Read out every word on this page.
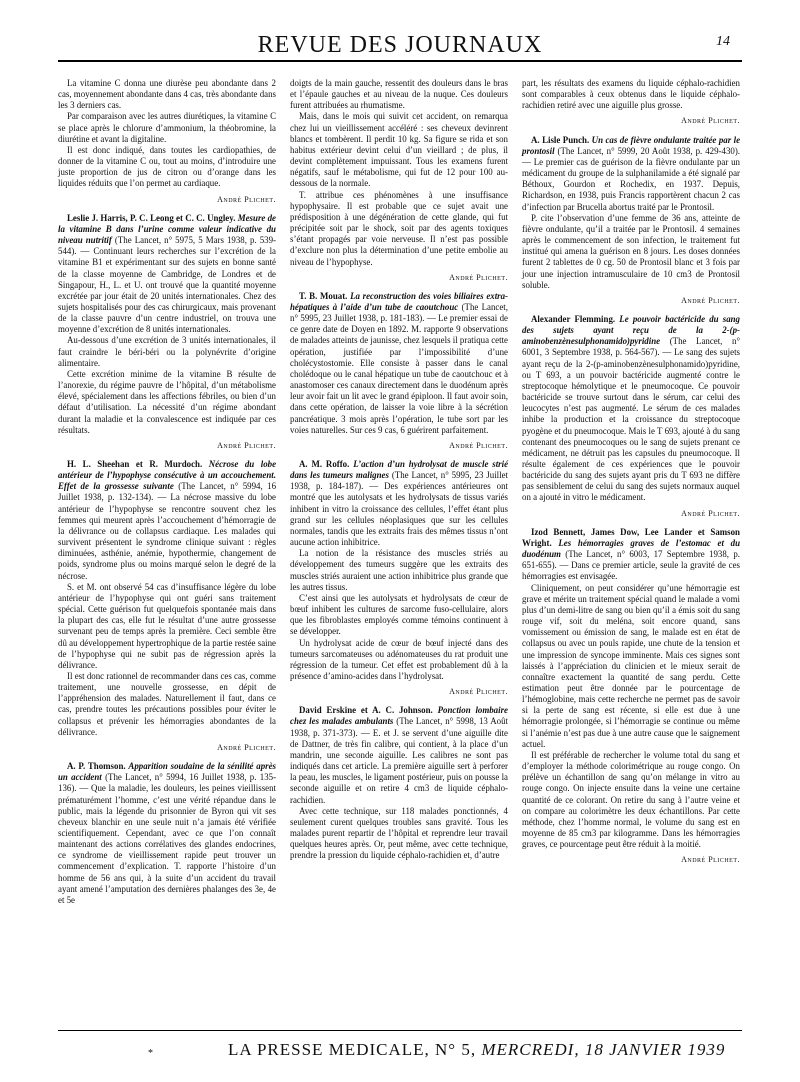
REVUE DES JOURNAUX	14

La vitamine C donna une diurèse peu abondante dans 2 cas, moyennement abondante dans 4 cas, très abondante dans les 3 derniers cas.

Par comparaison avec les autres diurétiques, la vitamine C se place après le chlorure d’ammonium, la théobromine, la diurétine et avant la digitaline.

Il est donc indiqué, dans toutes les cardiopathies, de donner de la vitamine C ou, tout au moins, d’introduire une juste proportion de jus de citron ou d’orange dans les liquides réduits que l’on permet au cardiaque.

André Plichet.

Leslie J. Harris, P. C. Leong et C. C. Ungley. Mesure de la vitamine B dans l’urine comme valeur indicative du niveau nutritif (The Lancet, n° 5975, 5 Mars 1938, p. 539-544). — Continuant leurs recherches sur l’excrétion de la vitamine B1 et expérimentant sur des sujets en bonne santé de la classe moyenne de Cambridge, de Londres et de Singapour, H., L. et U. ont trouvé que la quantité moyenne excrétée par jour était de 20 unités internationales. Chez des sujets hospitalisés pour des cas chirurgicaux, mais provenant de la classe pauvre d’un centre industriel, on trouva une moyenne d’excrétion de 8 unités internationales.

Au-dessous d’une excrétion de 3 unités internationales, il faut craindre le béri-béri ou la polynévrite d’origine alimentaire.

Cette excrétion minime de la vitamine B résulte de l’anorexie, du régime pauvre de l’hôpital, d’un métabolisme élevé, spécialement dans les affections fébriles, ou bien d’un défaut d’utilisation. La nécessité d’un régime abondant durant la maladie et la convalescence est indiquée par ces résultats.

André Plichet.

H. L. Sheehan et R. Murdoch. Nécrose du lobe antérieur de l’hypophyse consécutive à un accouchement. Effet de la grossesse suivante (The Lancet, n° 5994, 16 Juillet 1938, p. 132-134). — La nécrose massive du lobe antérieur de l’hypophyse se rencontre souvent chez les femmes qui meurent après l’accouchement d’hémorragie de la délivrance ou de collapsus cardiaque. Les malades qui survivent présentent le syndrome clinique suivant : règles diminuées, asthénie, anémie, hypothermie, changement de poids, syndrome plus ou moins marqué selon le degré de la nécrose.

S. et M. ont observé 54 cas d’insuffisance légère du lobe antérieur de l’hypophyse qui ont guéri sans traitement spécial. Cette guérison fut quelquefois spontanée mais dans la plupart des cas, elle fut le résultat d’une autre grossesse survenant peu de temps après la première. Ceci semble être dû au développement hypertrophique de la partie restée saine de l’hypophyse qui ne subit pas de régression après la délivrance.

Il est donc rationnel de recommander dans ces cas, comme traitement, une nouvelle grossesse, en dépit de l’appréhension des malades. Naturellement il faut, dans ce cas, prendre toutes les précautions possibles pour éviter le collapsus et prévenir les hémorragies abondantes de la délivrance.

André Plichet.

A. P. Thomson. Apparition soudaine de la sénilité après un accident (The Lancet, n° 5994, 16 Juillet 1938, p. 135-136). — Que la maladie, les douleurs, les peines vieillissent prématurément l’homme, c’est une vérité répandue dans le public, mais la légende du prisonnier de Byron qui vit ses cheveux blanchir en une seule nuit n’a jamais été vérifiée scientifiquement. Cependant, avec ce que l’on connaît maintenant des actions corrélatives des glandes endocrines, ce syndrome de vieillissement rapide peut trouver un commencement d’explication. T. rapporte l’histoire d’un homme de 56 ans qui, à la suite d’un accident du travail ayant amené l’amputation des dernières phalanges des 3e, 4e et 5e

doigts de la main gauche, ressentit des douleurs dans le bras et l’épaule gauches et au niveau de la nuque. Ces douleurs furent attribuées au rhumatisme.

Mais, dans le mois qui suivit cet accident, on remarqua chez lui un vieillissement accéléré : ses cheveux devinrent blancs et tombèrent. Il perdit 10 kg. Sa figure se rida et son habitus extérieur devint celui d’un vieillard ; de plus, il devint complètement impuissant. Tous les examens furent négatifs, sauf le métabolisme, qui fut de 12 pour 100 au-dessous de la normale.

T. attribue ces phénomènes à une insuffisance hypophysaire. Il est probable que ce sujet avait une prédisposition à une dégénération de cette glande, qui fut précipitée soit par le shock, soit par des agents toxiques s’étant propagés par voie nerveuse. Il n’est pas possible d’exclure non plus la détermination d’une petite embolie au niveau de l’hypophyse.

André Plichet.

T. B. Mouat. La reconstruction des voies biliaires extra-hépatiques à l’aide d’un tube de caoutchouc (The Lancet, n° 5995, 23 Juillet 1938, p. 181-183). — Le premier essai de ce genre date de Doyen en 1892. M. rapporte 9 observations de malades atteints de jaunisse, chez lesquels il pratiqua cette opération, justifiée par l’impossibilité d’une cholécystostomie. Elle consiste à passer dans le canal cholédoque ou le canal hépatique un tube de caoutchouc et à anastomoser ces canaux directement dans le duodénum après leur avoir fait un lit avec le grand épiploon. Il faut avoir soin, dans cette opération, de laisser la voie libre à la sécrétion pancréatique. 3 mois après l’opération, le tube sort par les voies naturelles. Sur ces 9 cas, 6 guérirent parfaitement.

André Plichet.

A. M. Roffo. L’action d’un hydrolysat de muscle strié dans les tumeurs malignes (The Lancet, n° 5995, 23 Juillet 1938, p. 184-187). — Des expériences antérieures ont montré que les autolysats et les hydrolysats de tissus variés inhibent in vitro la croissance des cellules, l’effet étant plus grand sur les cellules néoplasiques que sur les cellules normales, tandis que les extraits frais des mêmes tissus n’ont aucune action inhibitrice.

La notion de la résistance des muscles striés au développement des tumeurs suggère que les extraits des muscles striés auraient une action inhibitrice plus grande que les autres tissus.

C’est ainsi que les autolysats et hydrolysats de cœur de bœuf inhibent les cultures de sarcome fuso-cellulaire, alors que les fibroblastes employés comme témoins continuent à se développer.

Un hydrolysat acide de cœur de bœuf injecté dans des tumeurs sarcomateuses ou adénomateuses du rat produit une régression de la tumeur. Cet effet est probablement dû à la présence d’amino-acides dans l’hydrolysat.

André Plichet.

David Erskine et A. C. Johnson. Ponction lombaire chez les malades ambulants (The Lancet, n° 5998, 13 Août 1938, p. 371-373). — E. et J. se servent d’une aiguille dite de Dattner, de très fin calibre, qui contient, à la place d’un mandrin, une seconde aiguille. Les calibres ne sont pas indiqués dans cet article. La première aiguille sert à perforer la peau, les muscles, le ligament postérieur, puis on pousse la seconde aiguille et on retire 4 cm3 de liquide céphalo-rachidien.

Avec cette technique, sur 118 malades ponctionnés, 4 seulement curent quelques troubles sans gravité. Tous les malades purent repartir de l’hôpital et reprendre leur travail quelques heures après. Or, peut même, avec cette technique, prendre la pression du liquide céphalo-rachidien et, d’autre

part, les résultats des examens du liquide céphalo-rachidien sont comparables à ceux obtenus dans le liquide céphalo-rachidien retiré avec une aiguille plus grosse.

André Plichet.

A. Lisle Punch. Un cas de fièvre ondulante traitée par le prontosil (The Lancet, n° 5999, 20 Août 1938, p. 429-430). — Le premier cas de guérison de la fièvre ondulante par un médicament du groupe de la sulphanilamide a été signalé par Béthoux, Gourdon et Rochedix, en 1937. Depuis, Richardson, en 1938, puis Francis rapportèrent chacun 2 cas d’infection par Brucella abortus traité par le Prontosil.

P. cite l’observation d’une femme de 36 ans, atteinte de fièvre ondulante, qu’il a traitée par le Prontosil. 4 semaines après le commencement de son infection, le traitement fut institué qui amena la guérison en 8 jours. Les doses données furent 2 tablettes de 0 cg. 50 de Prontosil blanc et 3 fois par jour une injection intramusculaire de 10 cm3 de Prontosil soluble.

André Plichet.

Alexander Flemming. Le pouvoir bactéricide du sang des sujets ayant reçu de la 2-(p-aminobenzènesulphonamido)pyridine (The Lancet, n° 6001, 3 Septembre 1938, p. 564-567). — Le sang des sujets ayant reçu de la 2-(p-aminobenzènesulphonamido)pyridine, ou T 693, a un pouvoir bactéricide augmenté contre le streptocoque hémolytique et le pneumocoque. Ce pouvoir bactéricide se trouve surtout dans le sérum, car celui des leucocytes n’est pas augmenté. Le sérum de ces malades inhibe la production et la croissance du streptocoque pyogène et du pneumocoque. Mais le T 693, ajouté à du sang contenant des pneumocoques ou le sang de sujets prenant ce médicament, ne détruit pas les capsules du pneumocoque. Il résulte également de ces expériences que le pouvoir bactéricide du sang des sujets ayant pris du T 693 ne diffère pas sensiblement de celui du sang des sujets normaux auquel on a ajouté in vitro le médicament.

André Plichet.

Izod Bennett, James Dow, Lee Lander et Samson Wright. Les hémorragies graves de l’estomac et du duodénum (The Lancet, n° 6003, 17 Septembre 1938, p. 651-655). — Dans ce premier article, seule la gravité de ces hémorragies est envisagée.

Cliniquement, on peut considérer qu’une hémorragie est grave et mérite un traitement spécial quand le malade a vomi plus d’un demi-litre de sang ou bien qu’il a émis soit du sang rouge vif, soit du meléna, soit encore quand, sans vomissement ou émission de sang, le malade est en état de collapsus ou avec un pouls rapide, une chute de la tension et une impression de syncope imminente. Mais ces signes sont laissés à l’appréciation du clinicien et le mieux serait de connaître exactement la quantité de sang perdu. Cette estimation peut être donnée par le pourcentage de l’hémoglobine, mais cette recherche ne permet pas de savoir si la perte de sang est récente, si elle est due à une hémorragie prolongée, si l’hémorragie se continue ou même si l’anémie n’est pas due à une autre cause que le saignement actuel.

Il est préférable de rechercher le volume total du sang et d’employer la méthode colorimétrique au rouge congo. On prélève un échantillon de sang qu’on mélange in vitro au rouge congo. On injecte ensuite dans la veine une certaine quantité de ce colorant. On retire du sang à l’autre veine et on compare au colorimètre les deux échantillons. Par cette méthode, chez l’homme normal, le volume du sang est en moyenne de 85 cm3 par kilogramme. Dans les hémorragies graves, ce pourcentage peut être réduit à la moitié.

André Plichet.

*	LA PRESSE MEDICALE, N° 5, MERCREDI, 18 JANVIER 1939
